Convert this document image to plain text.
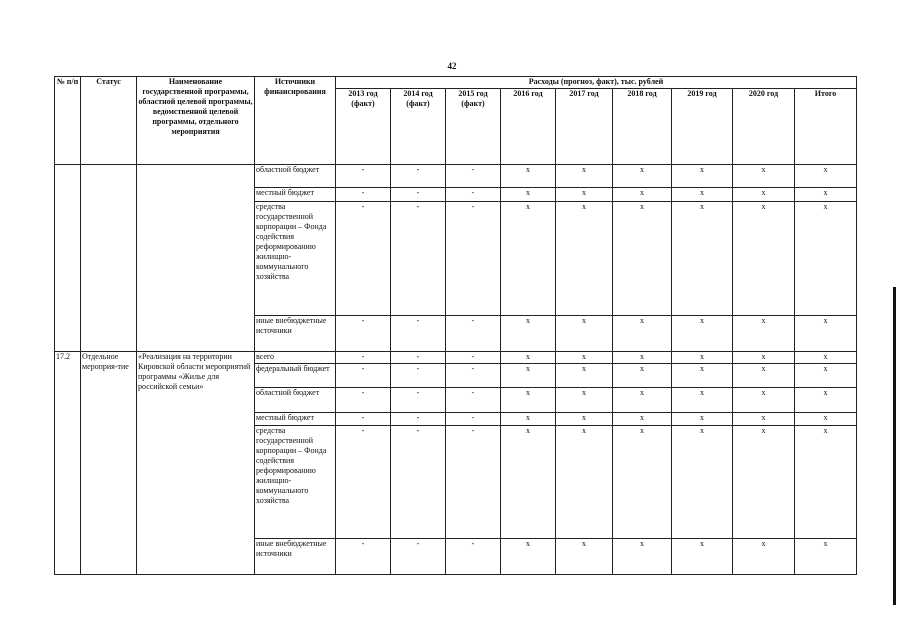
42
№ п/п	Статус	Наименование государственной программы, областной целевой программы, ведомственной целевой программы, отдельного мероприятия	Источники финансирования	Расходы (прогноз, факт), тыс. рублей								
				2013 год (факт)	2014 год (факт)	2015 год (факт)	2016 год	2017 год	2018 год	2019 год	2020 год	Итого
			областной бюджет	-	-	-	x	x	x	x	x	x
			местный бюджет	-	-	-	x	x	x	x	x	x
			средства государственной корпорации – Фонда содействия реформированию жилищно-коммунального хозяйства	-	-	-	x	x	x	x	x	x
			иные внебюджетные источники	-	-	-	x	x	x	x	x	x
17.2	Отдельное мероприя-тие	«Реализация на территории Кировской области мероприятий программы «Жилье для российской семьи»	всего	-	-	-	x	x	x	x	x	x
			федеральный бюджет	-	-	-	x	x	x	x	x	x
			областной бюджет	-	-	-	x	x	x	x	x	x
			местный бюджет	-	-	-	x	x	x	x	x	x
			средства государственной корпорации – Фонда содействия реформированию жилищно-коммунального хозяйства	-	-	-	x	x	x	x	x	x
			иные внебюджетные источники	-	-	-	x	x	x	x	x	x
